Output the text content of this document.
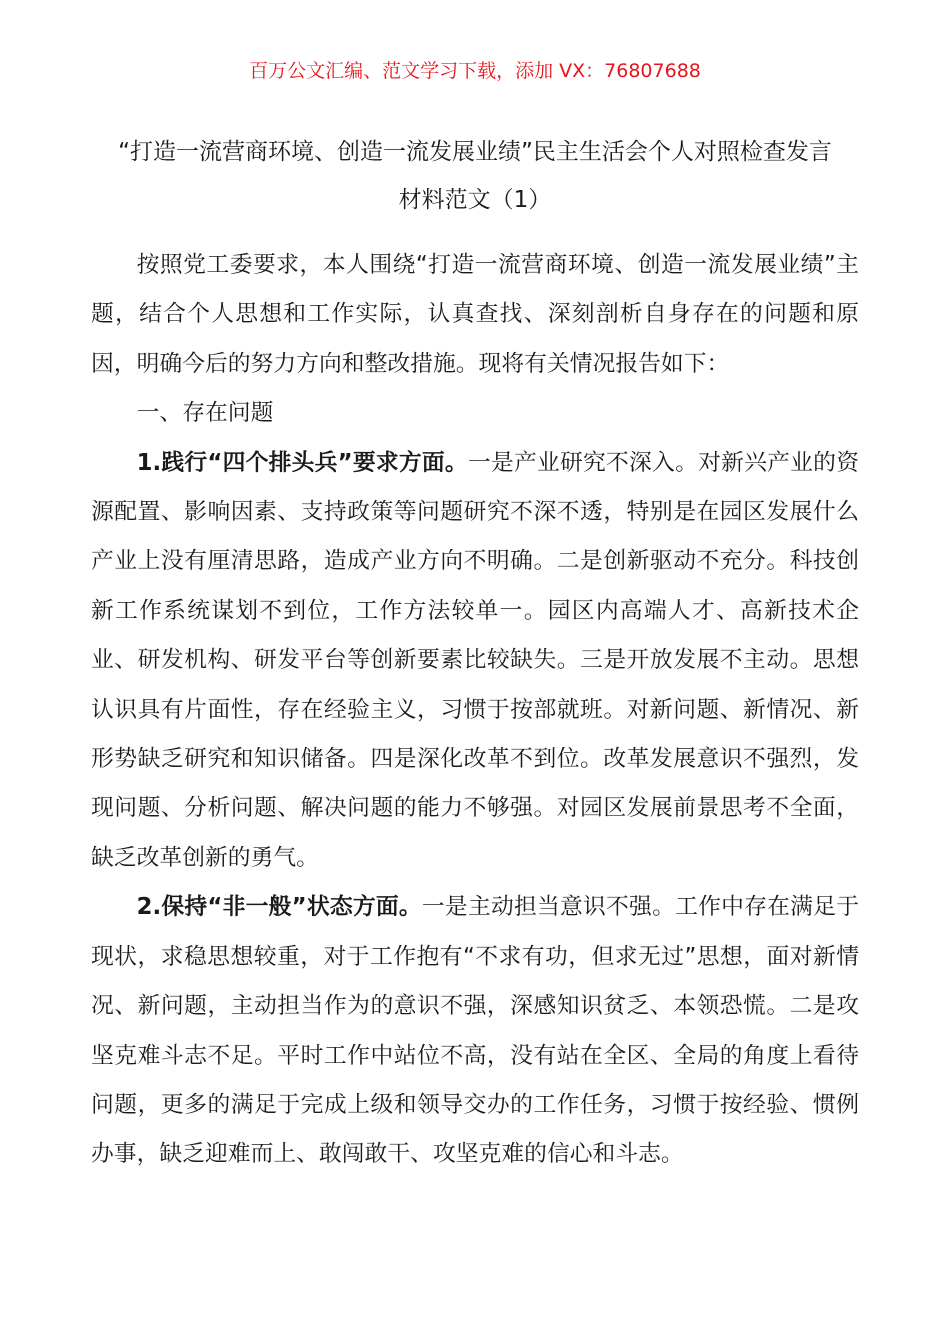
百万公文汇编、范文学习下载，添加 VX：76807688
“打造一流营商环境、创造一流发展业绩”民主生活会个人对照检查发言
材料范文（1）

按照党工委要求，本人围绕“打造一流营商环境、创造一流发展业绩”主题，结合个人思想和工作实际，认真查找、深刻剖析自身存在的问题和原因，明确今后的努力方向和整改措施。现将有关情况报告如下：

一、存在问题

1.践行“四个排头兵”要求方面。一是产业研究不深入。对新兴产业的资源配置、影响因素、支持政策等问题研究不深不透，特别是在园区发展什么产业上没有厘清思路，造成产业方向不明确。二是创新驱动不充分。科技创新工作系统谋划不到位，工作方法较单一。园区内高端人才、高新技术企业、研发机构、研发平台等创新要素比较缺失。三是开放发展不主动。思想认识具有片面性，存在经验主义，习惯于按部就班。对新问题、新情况、新形势缺乏研究和知识储备。四是深化改革不到位。改革发展意识不强烈，发现问题、分析问题、解决问题的能力不够强。对园区发展前景思考不全面，缺乏改革创新的勇气。

2.保持“非一般”状态方面。一是主动担当意识不强。工作中存在满足于现状，求稳思想较重，对于工作抱有“不求有功，但求无过”思想，面对新情况、新问题，主动担当作为的意识不强，深感知识贫乏、本领恐慌。二是攻坚克难斗志不足。平时工作中站位不高，没有站在全区、全局的角度上看待问题，更多的满足于完成上级和领导交办的工作任务，习惯于按经验、惯例办事，缺乏迎难而上、敢闯敢干、攻坚克难的信心和斗志。
